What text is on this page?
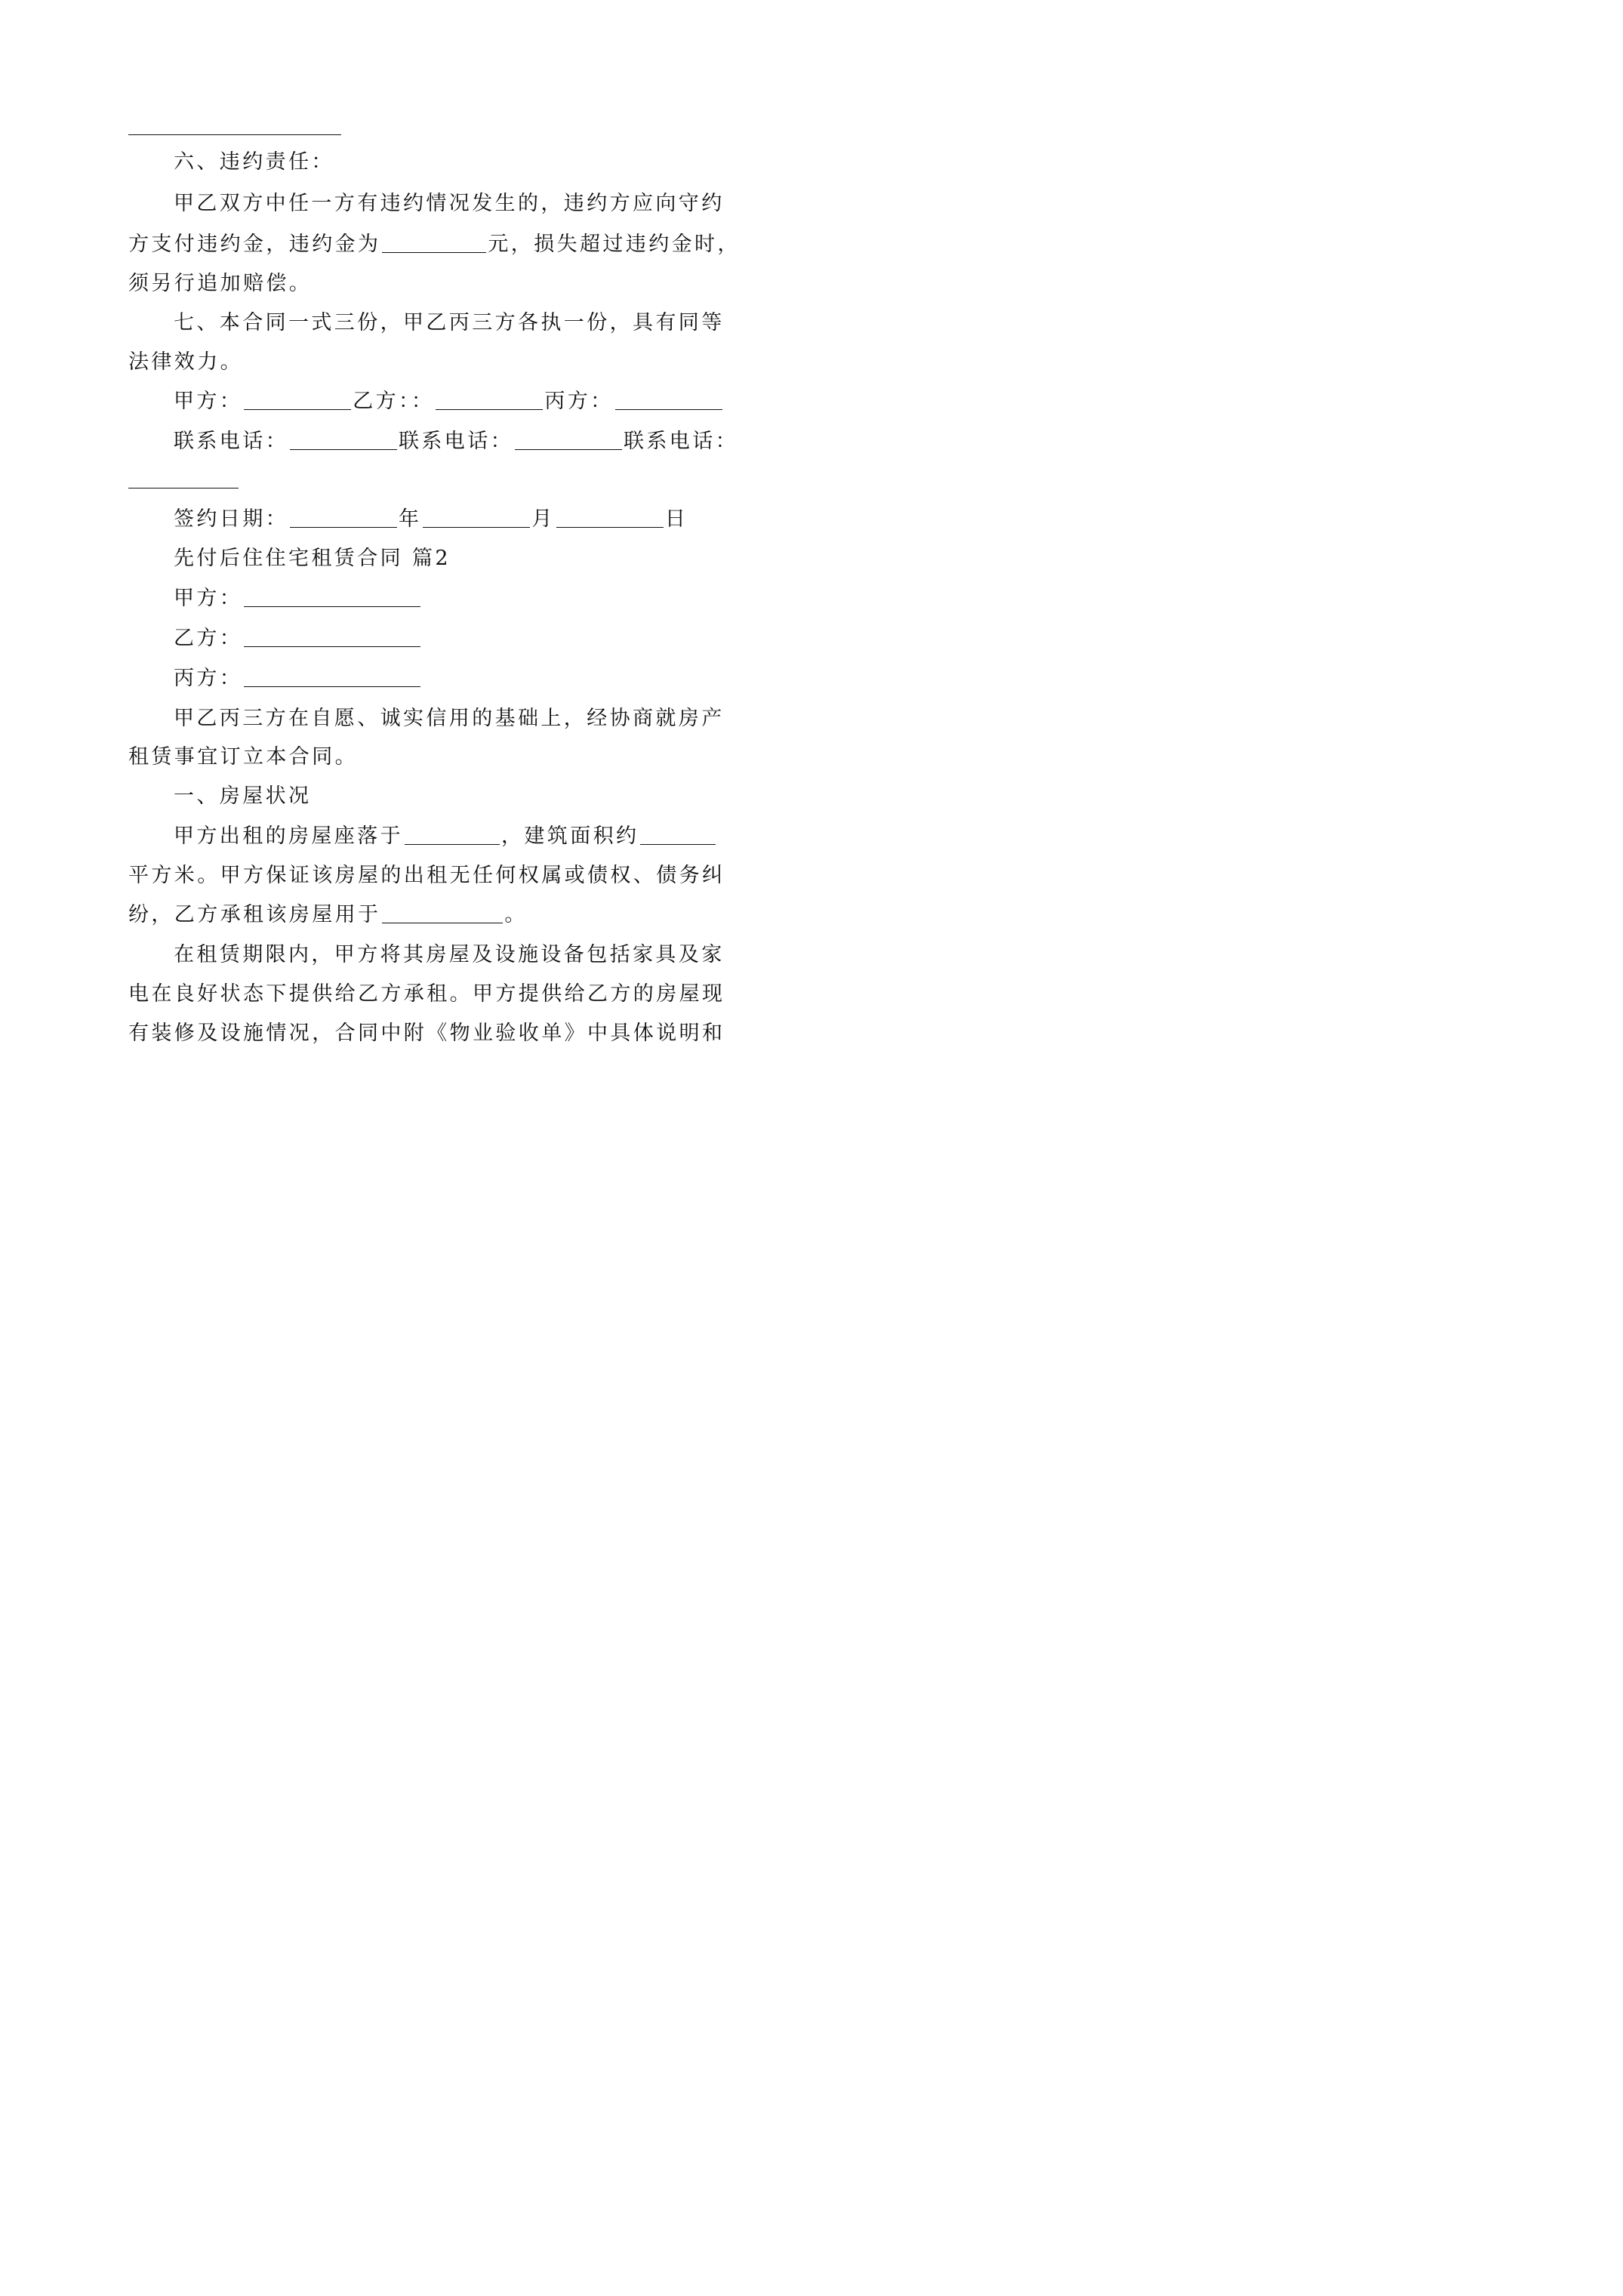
六、违约责任：
甲乙双方中任一方有违约情况发生的，违约方应向守约
方支付违约金，违约金为	元，损失超过违约金时，
须另行追加赔偿。
七、本合同一式三份，甲乙丙三方各执一份，具有同等
法律效力。
甲方：	乙方：：	丙方：
联系电话：	联系电话：	联系电话：
签约日期：	年	月	日
先付后住住宅租赁合同 篇2
甲方：
乙方：
丙方：
甲乙丙三方在自愿、诚实信用的基础上，经协商就房产
租赁事宜订立本合同。
一、房屋状况
甲方出租的房屋座落于	，建筑面积约
平方米。甲方保证该房屋的出租无任何权属或债权、债务纠
纷，乙方承租该房屋用于	。
在租赁期限内，甲方将其房屋及设施设备包括家具及家
电在良好状态下提供给乙方承租。甲方提供给乙方的房屋现
有装修及设施情况，合同中附《物业验收单》中具体说明和
